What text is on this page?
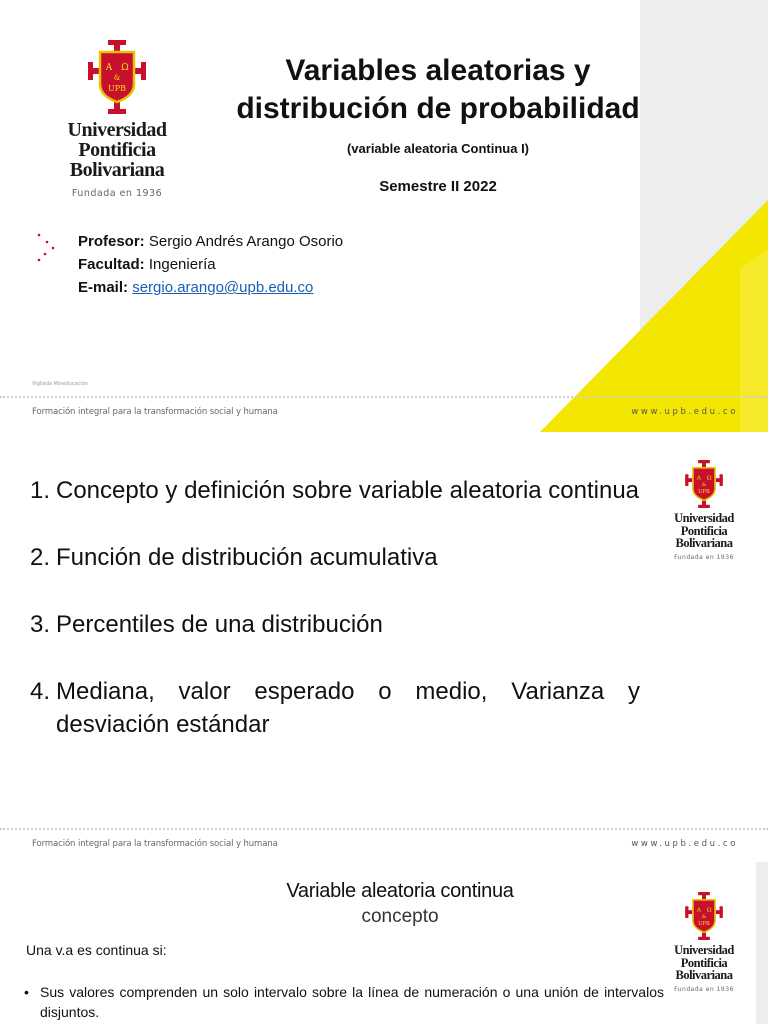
A Ω
&
UPB
Universidad
Pontificia
Bolivariana
Fundada en 1936
Variables aleatorias y distribución de probabilidad
(variable aleatoria Continua I)
Semestre II 2022
Profesor: Sergio Andrés Arango Osorio
Facultad: Ingeniería
E-mail: sergio.arango@upb.edu.co
Vigilada Mineducación
Formación integral para la transformación social y humana	www.upb.edu.co
A Ω
&
UPB
Universidad
Pontificia
Bolivariana
Fundada en 1936
1. Concepto y definición sobre variable aleatoria continua
2. Función de distribución acumulativa
3. Percentiles de una distribución
4. Mediana, valor esperado o medio, Varianza y desviación estándar
Formación integral para la transformación social y humana	www.upb.edu.co
A Ω
&
UPB
Universidad
Pontificia
Bolivariana
Fundada en 1936
Variable aleatoria continua
concepto
Una v.a es continua si:
• Sus valores comprenden un solo intervalo sobre la línea de numeración o una unión de intervalos disjuntos.
